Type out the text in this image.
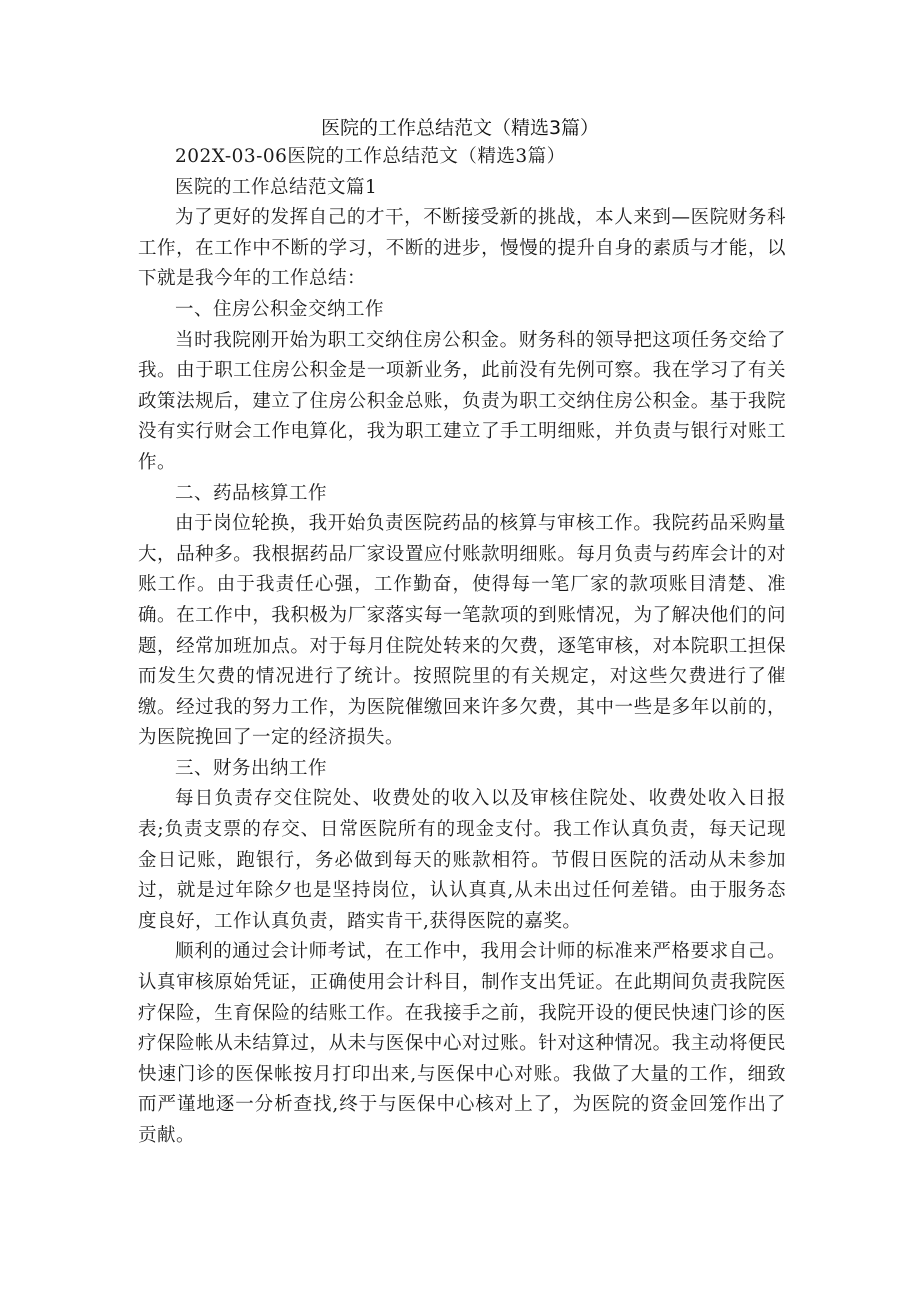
医院的工作总结范文（精选3篇）

202X-03-06医院的工作总结范文（精选3篇）

医院的工作总结范文篇1

为了更好的发挥自己的才干，不断接受新的挑战，本人来到—医院财务科工作，在工作中不断的学习，不断的进步，慢慢的提升自身的素质与才能，以下就是我今年的工作总结：

一、住房公积金交纳工作

当时我院刚开始为职工交纳住房公积金。财务科的领导把这项任务交给了我。由于职工住房公积金是一项新业务，此前没有先例可察。我在学习了有关政策法规后，建立了住房公积金总账，负责为职工交纳住房公积金。基于我院没有实行财会工作电算化，我为职工建立了手工明细账，并负责与银行对账工作。

二、药品核算工作

由于岗位轮换，我开始负责医院药品的核算与审核工作。我院药品采购量大，品种多。我根据药品厂家设置应付账款明细账。每月负责与药库会计的对账工作。由于我责任心强，工作勤奋，使得每一笔厂家的款项账目清楚、准确。在工作中，我积极为厂家落实每一笔款项的到账情况，为了解决他们的问题，经常加班加点。对于每月住院处转来的欠费，逐笔审核，对本院职工担保而发生欠费的情况进行了统计。按照院里的有关规定，对这些欠费进行了催缴。经过我的努力工作，为医院催缴回来许多欠费，其中一些是多年以前的，为医院挽回了一定的经济损失。

三、财务出纳工作

每日负责存交住院处、收费处的收入以及审核住院处、收费处收入日报表;负责支票的存交、日常医院所有的现金支付。我工作认真负责，每天记现金日记账，跑银行，务必做到每天的账款相符。节假日医院的活动从未参加过，就是过年除夕也是坚持岗位，认认真真,从未出过任何差错。由于服务态度良好，工作认真负责，踏实肯干,获得医院的嘉奖。

顺利的通过会计师考试，在工作中，我用会计师的标准来严格要求自己。认真审核原始凭证，正确使用会计科目，制作支出凭证。在此期间负责我院医疗保险，生育保险的结账工作。在我接手之前，我院开设的便民快速门诊的医疗保险帐从未结算过，从未与医保中心对过账。针对这种情况。我主动将便民快速门诊的医保帐按月打印出来,与医保中心对账。我做了大量的工作，细致而严谨地逐一分析查找,终于与医保中心核对上了，为医院的资金回笼作出了贡献。
